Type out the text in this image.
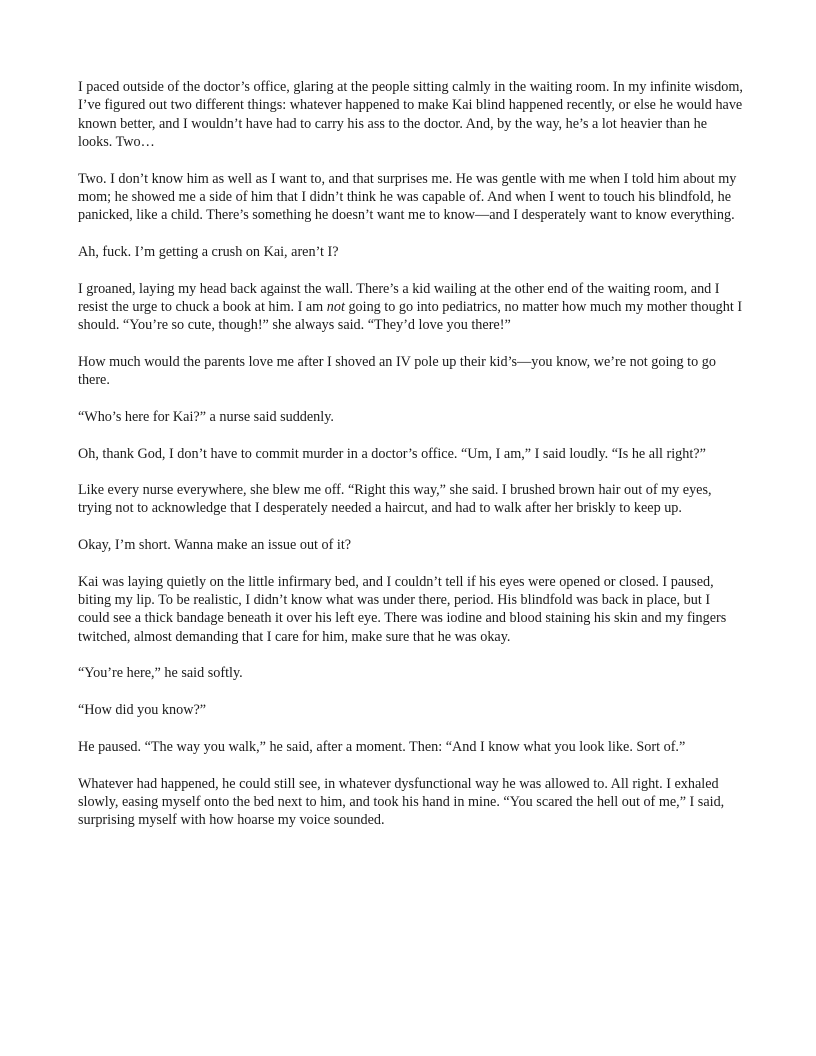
I paced outside of the doctor’s office, glaring at the people sitting calmly in the waiting room. In my infinite wisdom, I’ve figured out two different things: whatever happened to make Kai blind happened recently, or else he would have known better, and I wouldn’t have had to carry his ass to the doctor. And, by the way, he’s a lot heavier than he looks. Two…

Two. I don’t know him as well as I want to, and that surprises me. He was gentle with me when I told him about my mom; he showed me a side of him that I didn’t think he was capable of. And when I went to touch his blindfold, he panicked, like a child. There’s something he doesn’t want me to know—and I desperately want to know everything.

Ah, fuck. I’m getting a crush on Kai, aren’t I?

I groaned, laying my head back against the wall. There’s a kid wailing at the other end of the waiting room, and I resist the urge to chuck a book at him. I am not going to go into pediatrics, no matter how much my mother thought I should. “You’re so cute, though!” she always said. “They’d love you there!”

How much would the parents love me after I shoved an IV pole up their kid’s—you know, we’re not going to go there.

“Who’s here for Kai?” a nurse said suddenly.

Oh, thank God, I don’t have to commit murder in a doctor’s office. “Um, I am,” I said loudly. “Is he all right?”

Like every nurse everywhere, she blew me off. “Right this way,” she said. I brushed brown hair out of my eyes, trying not to acknowledge that I desperately needed a haircut, and had to walk after her briskly to keep up.

Okay, I’m short. Wanna make an issue out of it?

Kai was laying quietly on the little infirmary bed, and I couldn’t tell if his eyes were opened or closed. I paused, biting my lip. To be realistic, I didn’t know what was under there, period. His blindfold was back in place, but I could see a thick bandage beneath it over his left eye. There was iodine and blood staining his skin and my fingers twitched, almost demanding that I care for him, make sure that he was okay.

“You’re here,” he said softly.

“How did you know?”

He paused. “The way you walk,” he said, after a moment. Then: “And I know what you look like. Sort of.”

Whatever had happened, he could still see, in whatever dysfunctional way he was allowed to. All right. I exhaled slowly, easing myself onto the bed next to him, and took his hand in mine. “You scared the hell out of me,” I said, surprising myself with how hoarse my voice sounded.
